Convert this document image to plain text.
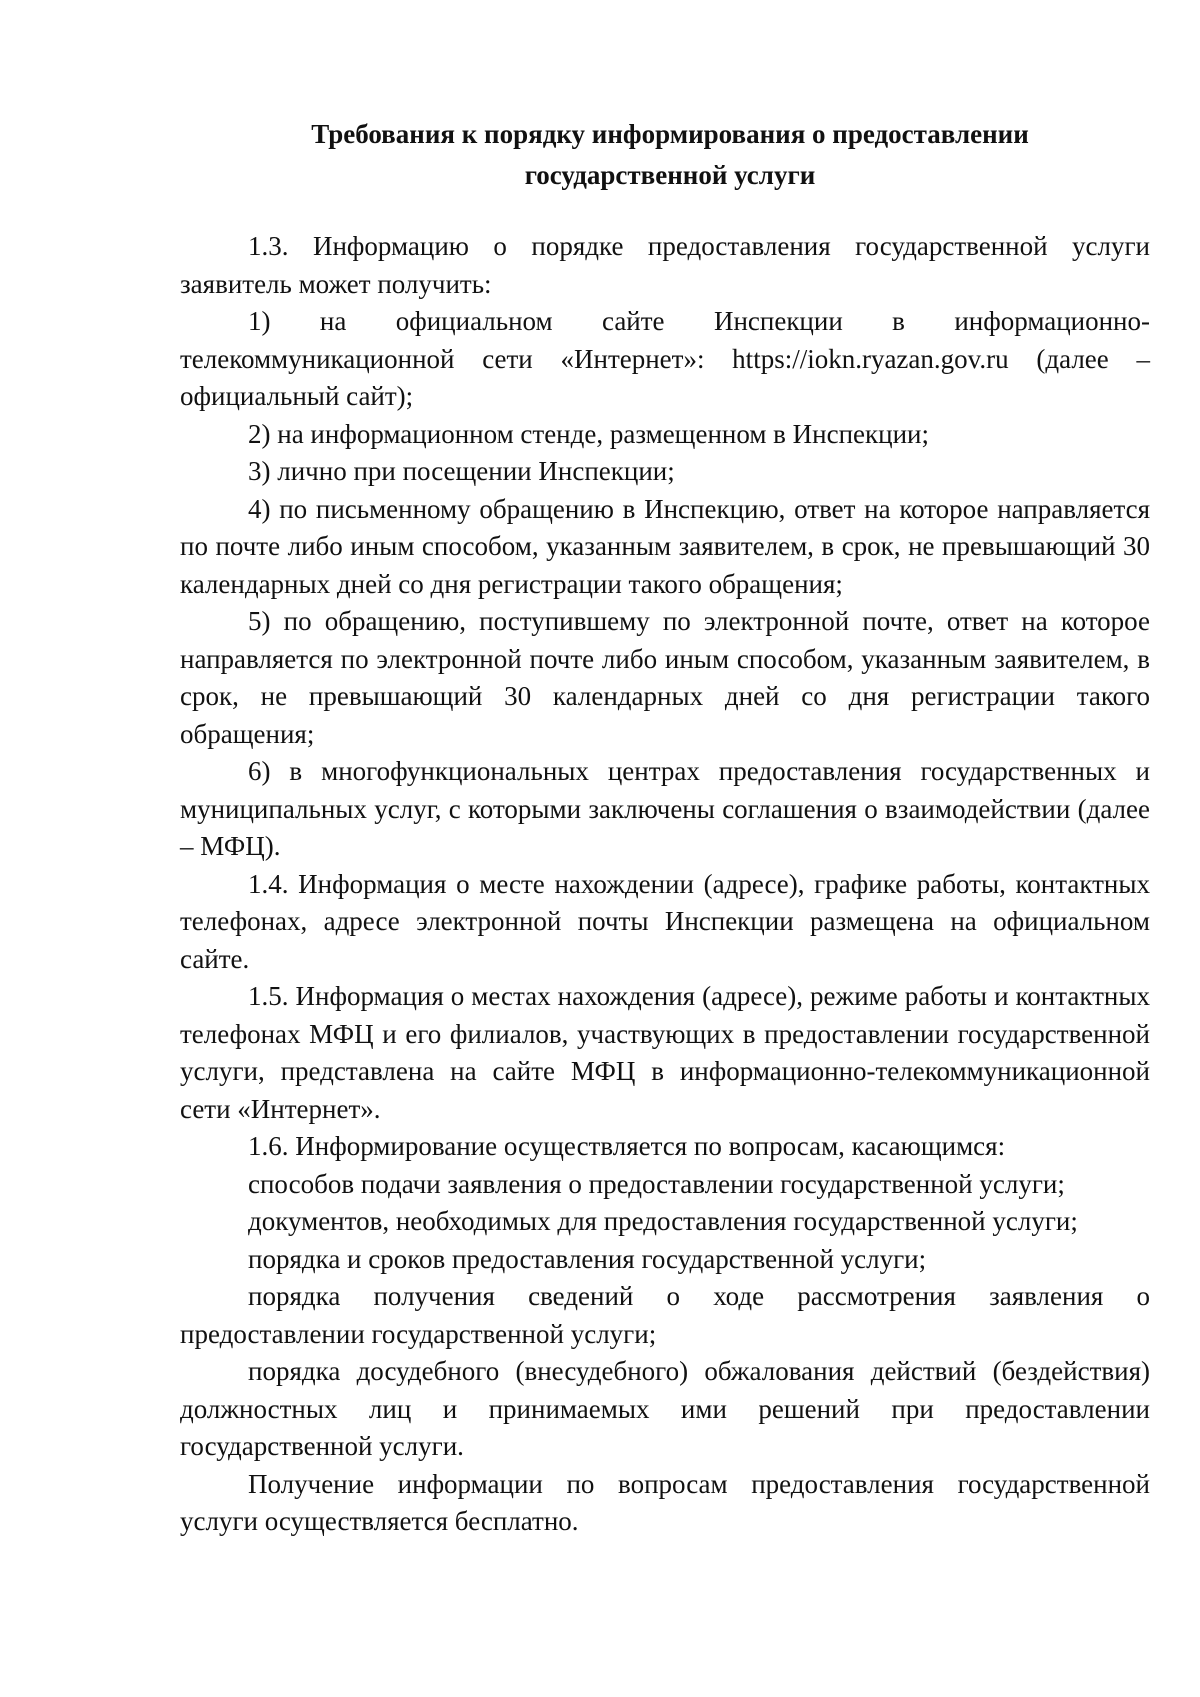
Требования к порядку информирования о предоставлении
государственной услуги

1.3. Информацию о порядке предоставления государственной услуги заявитель может получить:

1) на официальном сайте Инспекции в информационно-телекоммуникационной сети «Интернет»: https://iokn.ryazan.gov.ru (далее – официальный сайт);

2) на информационном стенде, размещенном в Инспекции;

3) лично при посещении Инспекции;

4) по письменному обращению в Инспекцию, ответ на которое направляется по почте либо иным способом, указанным заявителем, в срок, не превышающий 30 календарных дней со дня регистрации такого обращения;

5) по обращению, поступившему по электронной почте, ответ на которое направляется по электронной почте либо иным способом, указанным заявителем, в срок, не превышающий 30 календарных дней со дня регистрации такого обращения;

6) в многофункциональных центрах предоставления государственных и муниципальных услуг, с которыми заключены соглашения о взаимодействии (далее – МФЦ).

1.4. Информация о месте нахождении (адресе), графике работы, контактных телефонах, адресе электронной почты Инспекции размещена на официальном сайте.

1.5. Информация о местах нахождения (адресе), режиме работы и контактных телефонах МФЦ и его филиалов, участвующих в предоставлении государственной услуги, представлена на сайте МФЦ в информационно-телекоммуникационной сети «Интернет».

1.6. Информирование осуществляется по вопросам, касающимся:

способов подачи заявления о предоставлении государственной услуги;

документов, необходимых для предоставления государственной услуги;

порядка и сроков предоставления государственной услуги;

порядка получения сведений о ходе рассмотрения заявления о предоставлении государственной услуги;

порядка досудебного (внесудебного) обжалования действий (бездействия) должностных лиц и принимаемых ими решений при предоставлении государственной услуги.

Получение информации по вопросам предоставления государственной услуги осуществляется бесплатно.
